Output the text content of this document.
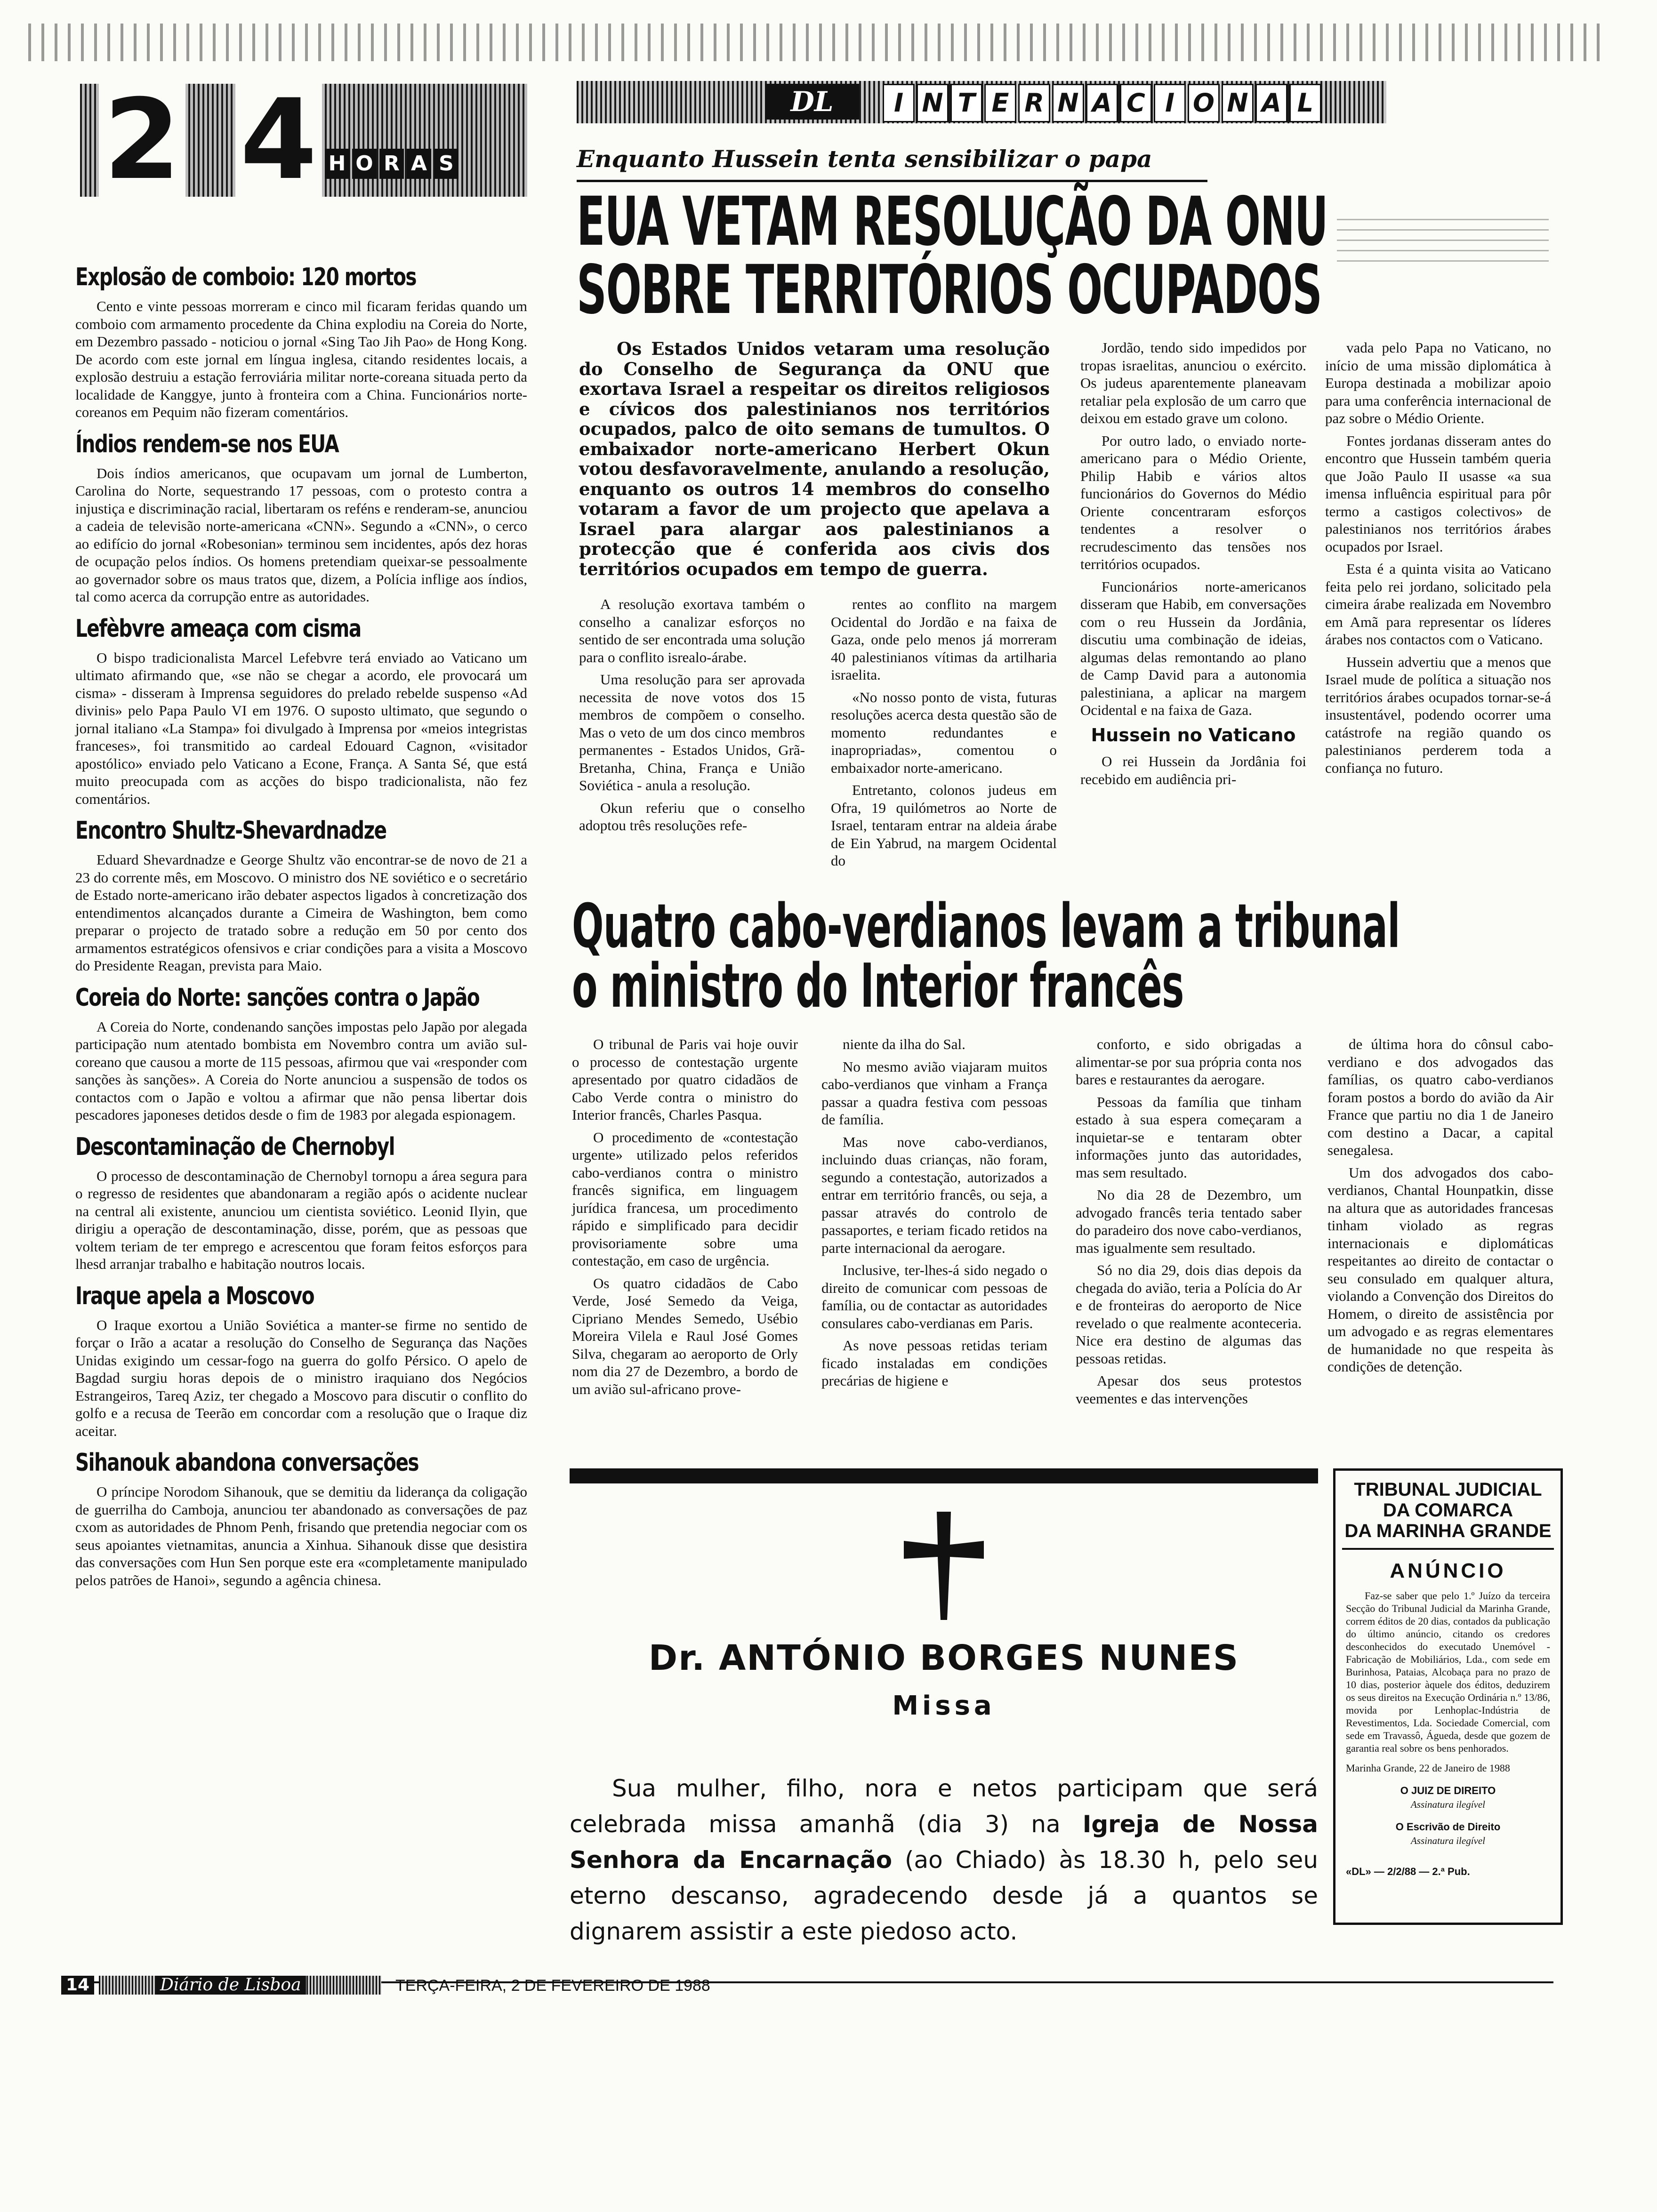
2 4 H O R A S
DL	I N T E R N A C I O N A L
Explosão de comboio: 120 mortos

Cento e vinte pessoas morreram e cinco mil ficaram feridas quando um comboio com armamento procedente da China explodiu na Coreia do Norte, em Dezembro passado - noticiou o jornal «Sing Tao Jih Pao» de Hong Kong. De acordo com este jornal em língua inglesa, citando residentes locais, a explosão destruiu a estação ferroviária militar norte-coreana situada perto da localidade de Kanggye, junto à fronteira com a China. Funcionários norte-coreanos em Pequim não fizeram comentários.

Índios rendem-se nos EUA

Dois índios americanos, que ocupavam um jornal de Lumberton, Carolina do Norte, sequestrando 17 pessoas, com o protesto contra a injustiça e discriminação racial, libertaram os reféns e renderam-se, anunciou a cadeia de televisão norte-americana «CNN». Segundo a «CNN», o cerco ao edifício do jornal «Robesonian» terminou sem incidentes, após dez horas de ocupação pelos índios. Os homens pretendiam queixar-se pessoalmente ao governador sobre os maus tratos que, dizem, a Polícia inflige aos índios, tal como acerca da corrupção entre as autoridades.

Lefèbvre ameaça com cisma

O bispo tradicionalista Marcel Lefebvre terá enviado ao Vaticano um ultimato afirmando que, «se não se chegar a acordo, ele provocará um cisma» - disseram à Imprensa seguidores do prelado rebelde suspenso «Ad divinis» pelo Papa Paulo VI em 1976. O suposto ultimato, que segundo o jornal italiano «La Stampa» foi divulgado à Imprensa por «meios integristas franceses», foi transmitido ao cardeal Edouard Cagnon, «visitador apostólico» enviado pelo Vaticano a Econe, França. A Santa Sé, que está muito preocupada com as acções do bispo tradicionalista, não fez comentários.

Encontro Shultz-Shevardnadze

Eduard Shevardnadze e George Shultz vão encontrar-se de novo de 21 a 23 do corrente mês, em Moscovo. O ministro dos NE soviético e o secretário de Estado norte-americano irão debater aspectos ligados à concretização dos entendimentos alcançados durante a Cimeira de Washington, bem como preparar o projecto de tratado sobre a redução em 50 por cento dos armamentos estratégicos ofensivos e criar condições para a visita a Moscovo do Presidente Reagan, prevista para Maio.

Coreia do Norte: sanções contra o Japão

A Coreia do Norte, condenando sanções impostas pelo Japão por alegada participação num atentado bombista em Novembro contra um avião sul-coreano que causou a morte de 115 pessoas, afirmou que vai «responder com sanções às sanções». A Coreia do Norte anunciou a suspensão de todos os contactos com o Japão e voltou a afirmar que não pensa libertar dois pescadores japoneses detidos desde o fim de 1983 por alegada espionagem.

Descontaminação de Chernobyl

O processo de descontaminação de Chernobyl tornopu a área segura para o regresso de residentes que abandonaram a região após o acidente nuclear na central ali existente, anunciou um cientista soviético. Leonid Ilyin, que dirigiu a operação de descontaminação, disse, porém, que as pessoas que voltem teriam de ter emprego e acrescentou que foram feitos esforços para lhesd arranjar trabalho e habitação noutros locais.

Iraque apela a Moscovo

O Iraque exortou a União Soviética a manter-se firme no sentido de forçar o Irão a acatar a resolução do Conselho de Segurança das Nações Unidas exigindo um cessar-fogo na guerra do golfo Pérsico. O apelo de Bagdad surgiu horas depois de o ministro iraquiano dos Negócios Estrangeiros, Tareq Aziz, ter chegado a Moscovo para discutir o conflito do golfo e a recusa de Teerão em concordar com a resolução que o Iraque diz aceitar.

Sihanouk abandona conversações

O príncipe Norodom Sihanouk, que se demitiu da liderança da coligação de guerrilha do Camboja, anunciou ter abandonado as conversações de paz cxom as autoridades de Phnom Penh, frisando que pretendia negociar com os seus apoiantes vietnamitas, anuncia a Xinhua. Sihanouk disse que desistira das conversações com Hun Sen porque este era «completamente manipulado pelos patrões de Hanoi», segundo a agência chinesa.

Enquanto Hussein tenta sensibilizar o papa
EUA VETAM RESOLUÇÃO DA ONU
SOBRE TERRITÓRIOS OCUPADOS

Os Estados Unidos vetaram uma resolução do Conselho de Segurança da ONU que exortava Israel a respeitar os direitos religiosos e cívicos dos palestinianos nos territórios ocupados, palco de oito semans de tumultos. O embaixador norte-americano Herbert Okun votou desfavoravelmente, anulando a resolução, enquanto os outros 14 membros do conselho votaram a favor de um projecto que apelava a Israel para alargar aos palestinianos a protecção que é conferida aos civis dos territórios ocupados em tempo de guerra.

A resolução exortava também o conselho a canalizar esforços no sentido de ser encontrada uma solução para o conflito isrealo-árabe.

Uma resolução para ser aprovada necessita de nove votos dos 15 membros de compõem o conselho. Mas o veto de um dos cinco membros permanentes - Estados Unidos, Grã-Bretanha, China, França e União Soviética - anula a resolução.

Okun referiu que o conselho adoptou três resoluções refe-

rentes ao conflito na margem Ocidental do Jordão e na faixa de Gaza, onde pelo menos já morreram 40 palestinianos vítimas da artilharia israelita.

«No nosso ponto de vista, futuras resoluções acerca desta questão são de momento redundantes e inapropriadas», comentou o embaixador norte-americano.

Entretanto, colonos judeus em Ofra, 19 quilómetros ao Norte de Israel, tentaram entrar na aldeia árabe de Ein Yabrud, na margem Ocidental do

Jordão, tendo sido impedidos por tropas israelitas, anunciou o exército. Os judeus aparentemente planeavam retaliar pela explosão de um carro que deixou em estado grave um colono.

Por outro lado, o enviado norte-americano para o Médio Oriente, Philip Habib e vários altos funcionários do Governos do Médio Oriente concentraram esforços tendentes a resolver o recrudescimento das tensões nos territórios ocupados.

Funcionários norte-americanos disseram que Habib, em conversações com o reu Hussein da Jordânia, discutiu uma combinação de ideias, algumas delas remontando ao plano de Camp David para a autonomia palestiniana, a aplicar na margem Ocidental e na faixa de Gaza.

Hussein no Vaticano

O rei Hussein da Jordânia foi recebido em audiência pri-

vada pelo Papa no Vaticano, no início de uma missão diplomática à Europa destinada a mobilizar apoio para uma conferência internacional de paz sobre o Médio Oriente.

Fontes jordanas disseram antes do encontro que Hussein também queria que João Paulo II usasse «a sua imensa influência espiritual para pôr termo a castigos colectivos» de palestinianos nos territórios árabes ocupados por Israel.

Esta é a quinta visita ao Vaticano feita pelo rei jordano, solicitado pela cimeira árabe realizada em Novembro em Amã para representar os líderes árabes nos contactos com o Vaticano.

Hussein advertiu que a menos que Israel mude de política a situação nos territórios árabes ocupados tornar-se-á insustentável, podendo ocorrer uma catástrofe na região quando os palestinianos perderem toda a confiança no futuro.

Quatro cabo-verdianos levam a tribunal
o ministro do Interior francês

O tribunal de Paris vai hoje ouvir o processo de contestação urgente apresentado por quatro cidadãos de Cabo Verde contra o ministro do Interior francês, Charles Pasqua.

O procedimento de «contestação urgente» utilizado pelos referidos cabo-verdianos contra o ministro francês significa, em linguagem jurídica francesa, um procedimento rápido e simplificado para decidir provisoriamente sobre uma contestação, em caso de urgência.

Os quatro cidadãos de Cabo Verde, José Semedo da Veiga, Cipriano Mendes Semedo, Usébio Moreira Vilela e Raul José Gomes Silva, chegaram ao aeroporto de Orly nom dia 27 de Dezembro, a bordo de um avião sul-africano prove-

niente da ilha do Sal.

No mesmo avião viajaram muitos cabo-verdianos que vinham a França passar a quadra festiva com pessoas de família.

Mas nove cabo-verdianos, incluindo duas crianças, não foram, segundo a contestação, autorizados a entrar em território francês, ou seja, a passar através do controlo de passaportes, e teriam ficado retidos na parte internacional da aerogare.

Inclusive, ter-lhes-á sido negado o direito de comunicar com pessoas de família, ou de contactar as autoridades consulares cabo-verdianas em Paris.

As nove pessoas retidas teriam ficado instaladas em condições precárias de higiene e

conforto, e sido obrigadas a alimentar-se por sua própria conta nos bares e restaurantes da aerogare.

Pessoas da família que tinham estado à sua espera começaram a inquietar-se e tentaram obter informações junto das autoridades, mas sem resultado.

No dia 28 de Dezembro, um advogado francês teria tentado saber do paradeiro dos nove cabo-verdianos, mas igualmente sem resultado.

Só no dia 29, dois dias depois da chegada do avião, teria a Polícia do Ar e de fronteiras do aeroporto de Nice revelado o que realmente aconteceria. Nice era destino de algumas das pessoas retidas.

Apesar dos seus protestos veementes e das intervenções

de última hora do cônsul cabo-verdiano e dos advogados das famílias, os quatro cabo-verdianos foram postos a bordo do avião da Air France que partiu no dia 1 de Janeiro com destino a Dacar, a capital senegalesa.

Um dos advogados dos cabo-verdianos, Chantal Hounpatkin, disse na altura que as autoridades francesas tinham violado as regras internacionais e diplomáticas respeitantes ao direito de contactar o seu consulado em qualquer altura, violando a Convenção dos Direitos do Homem, o direito de assistência por um advogado e as regras elementares de humanidade no que respeita às condições de detenção.

Dr. ANTÓNIO BORGES NUNES
Missa
Sua mulher, filho, nora e netos participam que será celebrada missa amanhã (dia 3) na Igreja de Nossa Senhora da Encarnação (ao Chiado) às 18.30 h, pelo seu eterno descanso, agradecendo desde já a quantos se dignarem assistir a este piedoso acto.
TRIBUNAL JUDICIAL
DA COMARCA
DA MARINHA GRANDE
ANÚNCIO
Faz-se saber que pelo 1.º Juízo da terceira Secção do Tribunal Judicial da Marinha Grande, correm éditos de 20 dias, contados da publicação do último anúncio, citando os credores desconhecidos do executado Unemóvel - Fabricação de Mobiliários, Lda., com sede em Burinhosa, Pataias, Alcobaça para no prazo de 10 dias, posterior àquele dos éditos, deduzirem os seus direitos na Execução Ordinária n.º 13/86, movida por Lenhoplac-Indústria de Revestimentos, Lda. Sociedade Comercial, com sede em Travassô, Águeda, desde que gozem de garantia real sobre os bens penhorados.
Marinha Grande, 22 de Janeiro de 1988
O JUIZ DE DIREITO
Assinatura ilegível
O Escrivão de Direito
Assinatura ilegível
«DL» — 2/2/88 — 2.ª Pub.
14	Diário de Lisboa	TERÇA-FEIRA, 2 DE FEVEREIRO DE 1988
